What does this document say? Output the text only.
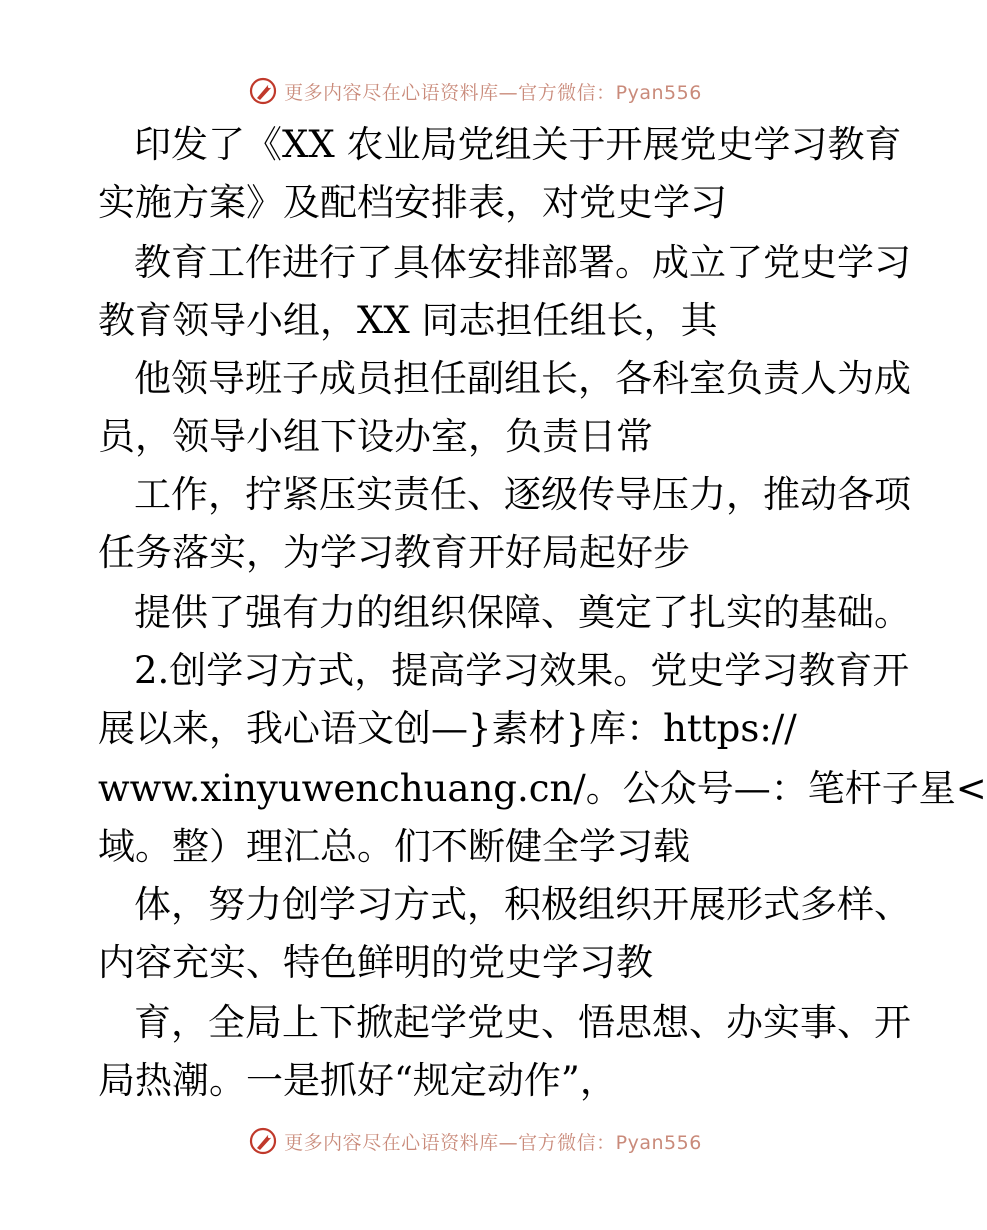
更多内容尽在心语资料库—官方微信：Pyan556
印发了《XX 农业局党组关于开展党史学习教育
实施方案》及配档安排表，对党史学习
教育工作进行了具体安排部署。成立了党史学习
教育领导小组，XX 同志担任组长，其
他领导班子成员担任副组长，各科室负责人为成
员，领导小组下设办室，负责日常
工作，拧紧压实责任、逐级传导压力，推动各项
任务落实，为学习教育开好局起好步
提供了强有力的组织保障、奠定了扎实的基础。
2.创学习方式，提高学习效果。党史学习教育开
展以来，我心语文创—}素材}库：https://
www.xinyuwenchuang.cn/。公众号—：笔杆子星<
域。整）理汇总。们不断健全学习载
体，努力创学习方式，积极组织开展形式多样、
内容充实、特色鲜明的党史学习教
育，全局上下掀起学党史、悟思想、办实事、开
局热潮。一是抓好“规定动作”，
更多内容尽在心语资料库—官方微信：Pyan556
